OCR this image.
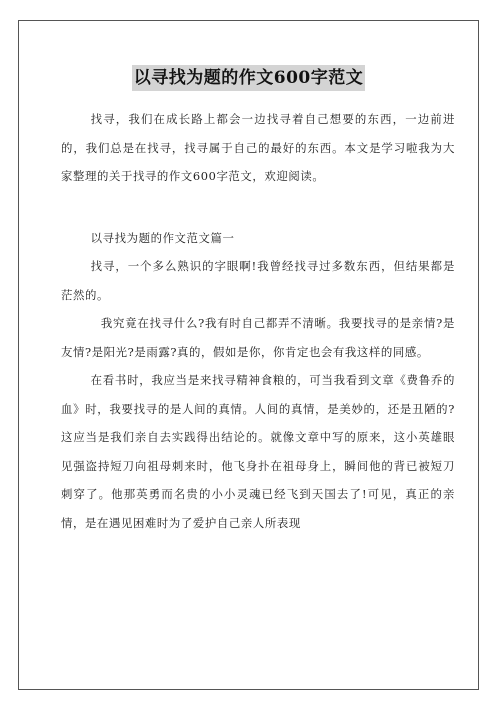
以寻找为题的作文600字范文

找寻，我们在成长路上都会一边找寻着自己想要的东西，一边前进的，我们总是在找寻，找寻属于自己的最好的东西。本文是学习啦我为大家整理的关于找寻的作文600字范文，欢迎阅读。

以寻找为题的作文范文篇一

找寻，一个多么熟识的字眼啊!我曾经找寻过多数东西，但结果都是茫然的。

我究竟在找寻什么?我有时自己都弄不清晰。我要找寻的是亲情?是友情?是阳光?是雨露?真的，假如是你，你肯定也会有我这样的同感。

在看书时，我应当是来找寻精神食粮的，可当我看到文章《费鲁乔的血》时，我要找寻的是人间的真情。人间的真情，是美妙的，还是丑陋的?这应当是我们亲自去实践得出结论的。就像文章中写的原来，这小英雄眼见强盗持短刀向祖母刺来时，他飞身扑在祖母身上，瞬间他的背已被短刀刺穿了。他那英勇而名贵的小小灵魂已经飞到天国去了!可见，真正的亲情，是在遇见困难时为了爱护自己亲人所表现
